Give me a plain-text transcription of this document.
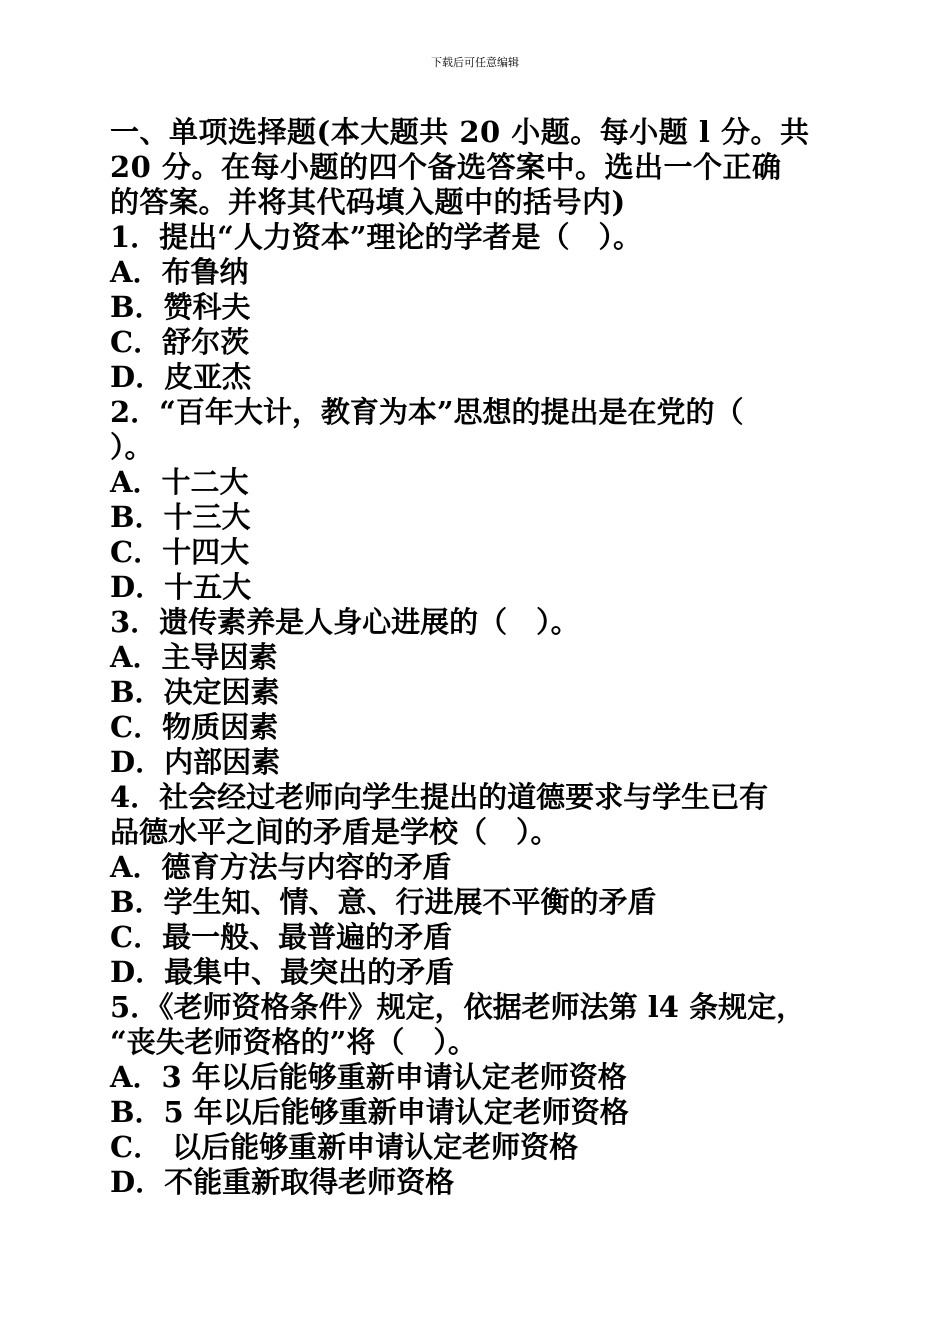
下载后可任意编辑
一、单项选择题(本大题共 20 小题。每小题 l 分。共
20 分。在每小题的四个备选答案中。选出一个正确
的答案。并将其代码填入题中的括号内)
1．提出“人力资本”理论的学者是（　）。
A．布鲁纳
B．赞科夫
C．舒尔茨
D．皮亚杰
2．“百年大计，教育为本”思想的提出是在党的（
）。
A．十二大
B．十三大
C．十四大
D．十五大
3．遗传素养是人身心进展的（　）。
A．主导因素
B．决定因素
C．物质因素
D．内部因素
4．社会经过老师向学生提出的道德要求与学生已有
品德水平之间的矛盾是学校（　）。
A．德育方法与内容的矛盾
B．学生知、情、意、行进展不平衡的矛盾
C．最一般、最普遍的矛盾
D．最集中、最突出的矛盾
5．《老师资格条件》规定，依据老师法第 l4 条规定，
“丧失老师资格的”将（　）。
A．3 年以后能够重新申请认定老师资格
B．5 年以后能够重新申请认定老师资格
C． 以后能够重新申请认定老师资格
D．不能重新取得老师资格
